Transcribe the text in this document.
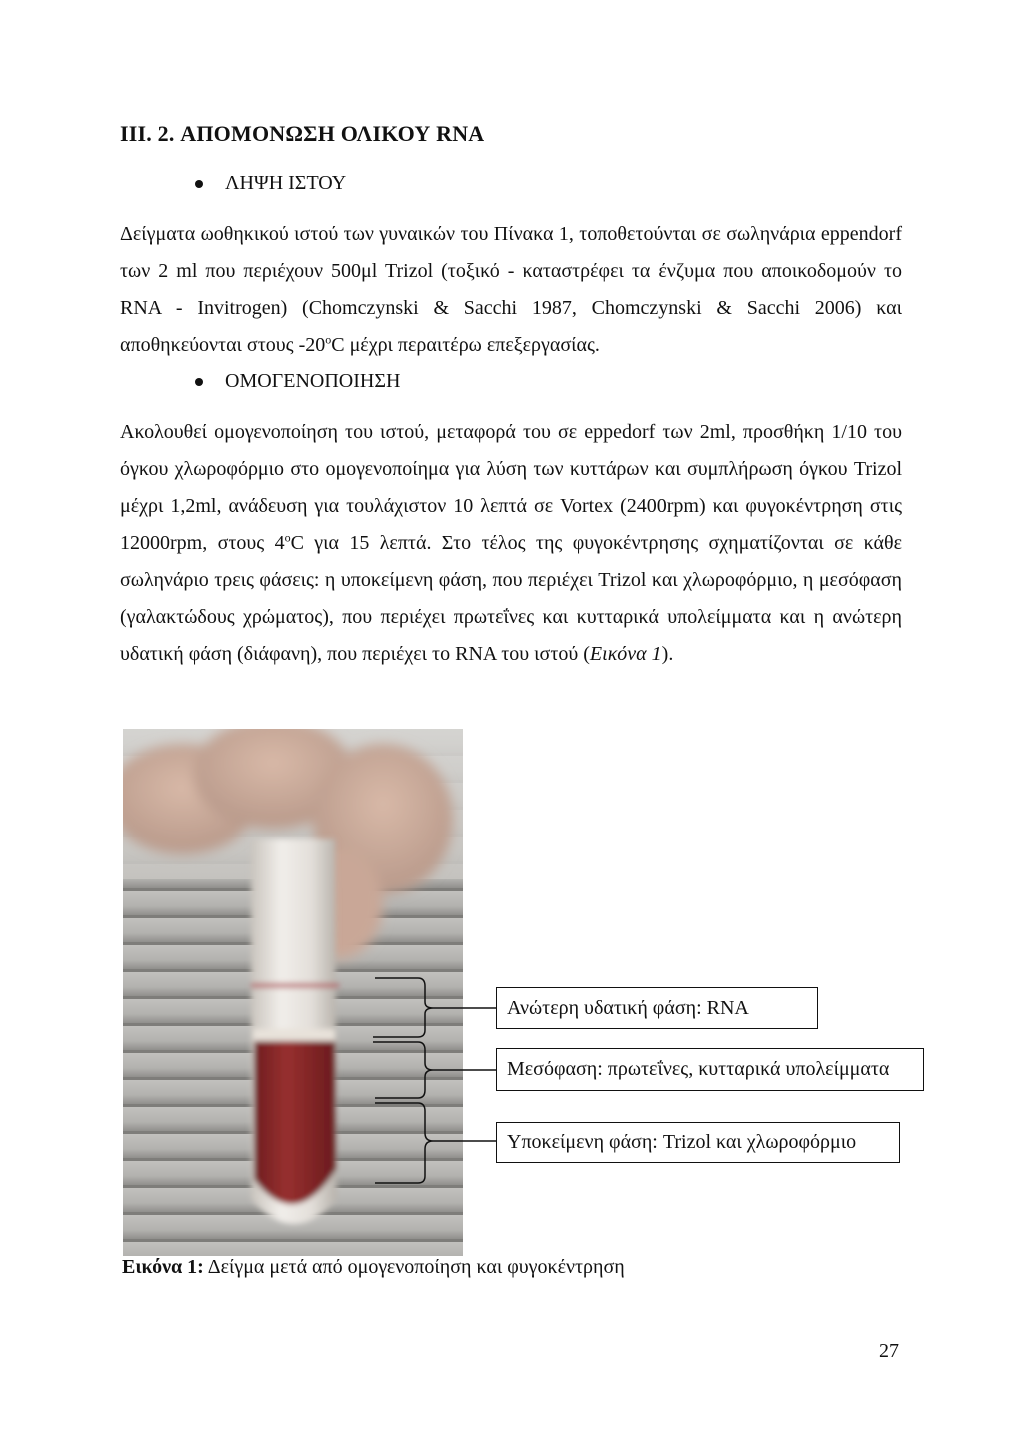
III. 2. ΑΠΟΜΟΝΩΣΗ ΟΛΙΚΟΥ RNA
ΛΗΨΗ ΙΣΤΟΥ
Δείγματα ωοθηκικού ιστού των γυναικών του Πίνακα 1, τοποθετούνται σε σωληνάρια eppendorf των 2 ml που περιέχουν 500μl Trizol (τοξικό - καταστρέφει τα ένζυμα που αποικοδομούν το RNA - Invitrogen) (Chomczynski & Sacchi 1987, Chomczynski & Sacchi 2006) και αποθηκεύονται στους -20$^o$C μέχρι περαιτέρω επεξεργασίας.
ΟΜΟΓΕΝΟΠΟΙΗΣΗ
Ακολουθεί ομογενοποίηση του ιστού, μεταφορά του σε eppedorf των 2ml, προσθήκη 1/10 του όγκου χλωροφόρμιο στο ομογενοποίημα για λύση των κυττάρων και συμπλήρωση όγκου Trizol μέχρι 1,2ml, ανάδευση για τουλάχιστον 10 λεπτά σε Vortex (2400rpm) και φυγοκέντρηση στις 12000rpm, στους 4$^o$C για 15 λεπτά. Στο τέλος της φυγοκέντρησης σχηματίζονται σε κάθε σωληνάριο τρεις φάσεις: η υποκείμενη φάση, που περιέχει Trizol και χλωροφόρμιο, η μεσόφαση (γαλακτώδους χρώματος), που περιέχει πρωτεΐνες και κυτταρικά υπολείμματα και η ανώτερη υδατική φάση (διάφανη), που περιέχει το RNA του ιστού (Εικόνα 1).
Ανώτερη υδατική φάση: RNA
Μεσόφαση: πρωτεΐνες, κυτταρικά υπολείμματα
Υποκείμενη φάση: Trizol και χλωροφόρμιο
Εικόνα 1: Δείγμα μετά από ομογενοποίηση και φυγοκέντρηση
27
